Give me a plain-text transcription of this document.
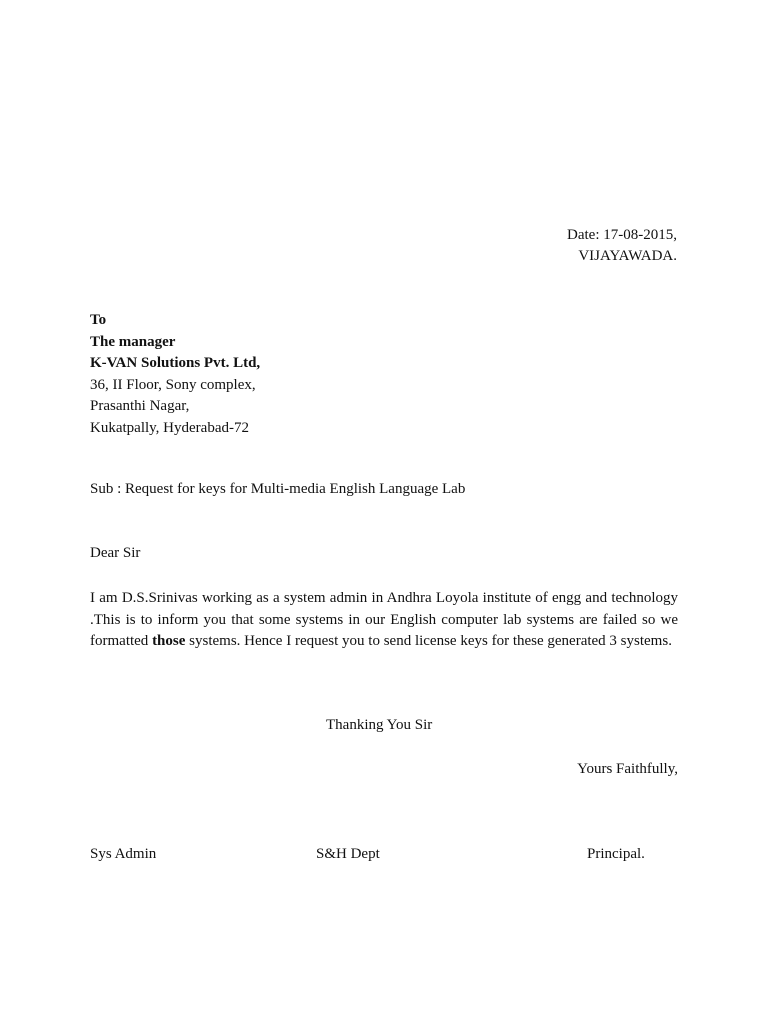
Date: 17-08-2015,
VIJAYAWADA.
To
The manager
K-VAN Solutions Pvt. Ltd,
36, II Floor, Sony complex,
Prasanthi Nagar,
Kukatpally, Hyderabad-72
Sub : Request for keys for Multi-media English Language Lab
Dear Sir
I am D.S.Srinivas working as a system admin in Andhra Loyola institute of engg and technology .This is to inform you that some systems in our English computer lab systems are failed so we formatted those systems. Hence I request you to send license keys for these generated 3 systems.
Thanking You Sir
Yours Faithfully,
Sys Admin	S&H Dept	Principal.
